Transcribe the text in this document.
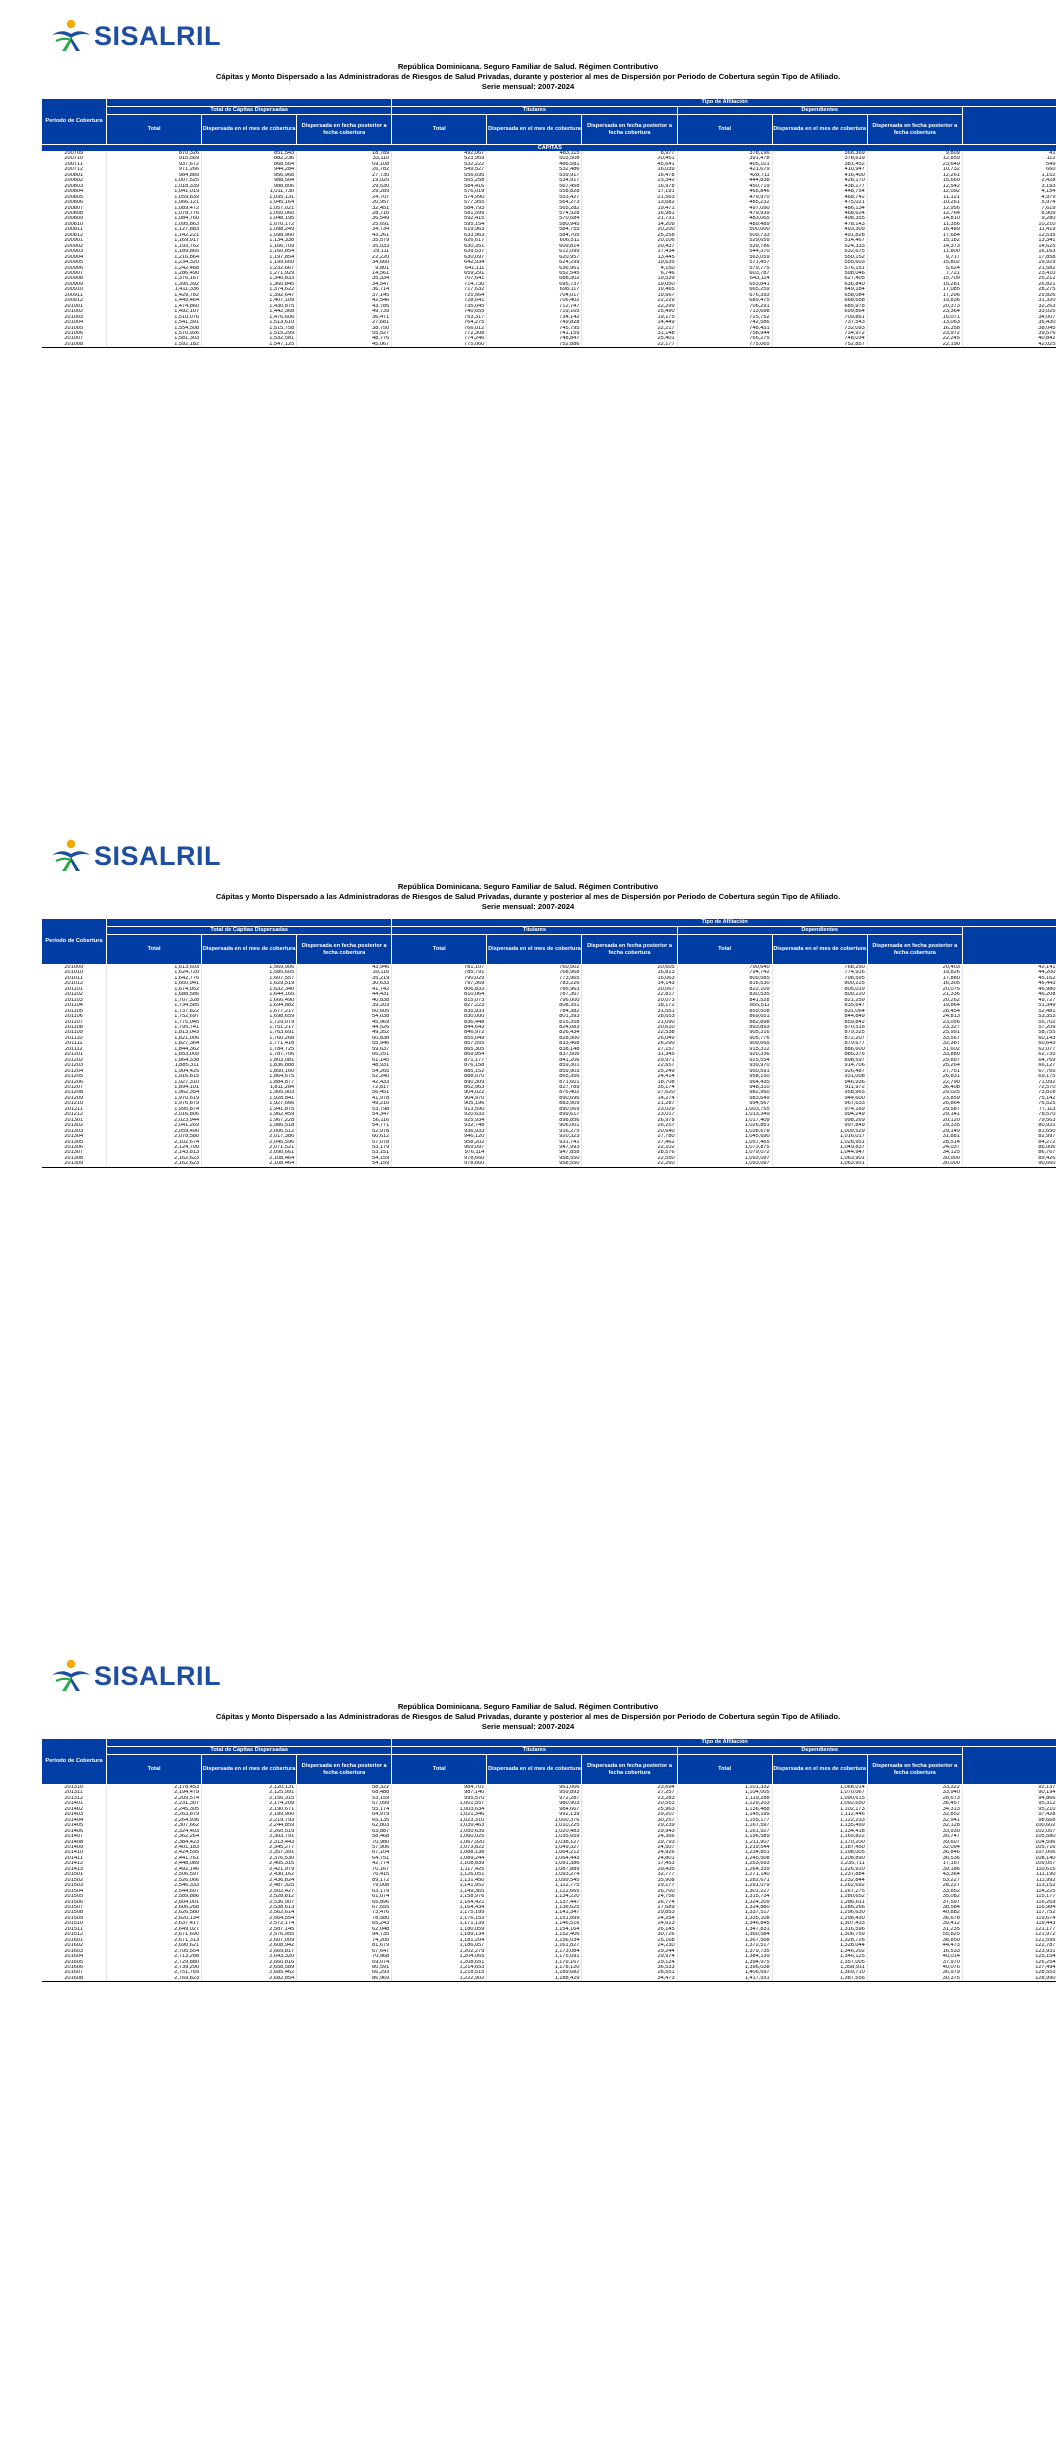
SISALRIL
República Dominicana. Seguro Familiar de Salud. Régimen Contributivo
Cápitas y Monto Dispersado a las Administradoras de Riesgos de Salud Privadas, durante y posterior al mes de Dispersión por Periodo de Cobertura según Tipo de Afiliado.
Serie mensual: 2007-2024
Periodo de Cobertura				Tipo de Afiliación						
	Total de Cápitas Dispersadas			Titulares			Dependientes			
	Total	Dispersada en el mes de cobertura	Dispersada en fecha posterior a fecha cobertura	Total	Dispersada en el mes de cobertura	Dispersada en fecha posterior a fecha cobertura	Total	Dispersada en el mes de cobertura	Dispersada en fecha posterior a fecha cobertura	
CÁPITAS										
200709	870,326	851,543	18,789	492,067	483,115	8,977	378,196	368,369	9,809	41
200710	915,569	882,236	33,110	523,959	503,508	20,451	391,478	378,619	12,859	112
200711	937,672	868,564	69,108	532,222	486,581	45,641	405,101	381,452	23,649	549
200712	971,266	944,284	26,782	549,527	532,486	16,039	421,679	410,947	10,732	660
200801	984,889	956,968	27,730	556,695	539,917	16,478	428,711	416,400	12,261	1,152
200802	1,007,525	988,504	19,020	565,258	534,917	23,342	444,838	428,170	15,669	2,428
200803	1,018,339	988,806	29,530	584,416	567,458	16,978	450,719	438,177	12,542	3,193
200804	1,041,019	1,011,730	29,289	576,019	558,828	17,191	465,846	448,754	12,092	4,154
200805	1,059,839	1,035,131	24,707	574,990	553,427	21,563	479,970	468,742	11,121	4,979
200806	1,066,121	1,045,164	20,957	577,955	564,273	13,682	485,232	475,021	10,261	5,974
200807	1,089,472	1,057,021	32,451	584,793	565,282	19,471	497,090	486,134	12,956	7,619
200808	1,078,776	1,050,060	28,716	581,599	574,928	16,981	479,939	468,624	12,764	8,909
200809	1,084,760	1,048,195	36,549	592,415	570,684	21,731	483,065	498,355	14,810	9,280
200810	1,095,863	1,070,172	25,691	595,154	580,945	14,209	489,489	478,143	11,356	10,210
200811	1,127,883	1,098,249	34,734	619,963	584,755	20,200	500,000	493,309	16,489	11,419
200812	1,142,221	1,098,960	43,261	633,963	584,705	25,258	509,733	491,828	17,684	12,535
200901	1,169,917	1,134,338	35,579	626,617	606,511	20,106	529,659	514,467	15,182	13,341
200902	1,193,762	1,166,709	35,033	630,351	609,814	20,437	539,786	524,333	14,373	14,625
200903	1,189,865	1,160,854	29,111	639,537	612,099	17,434	544,370	532,675	11,800	16,163
200904	1,216,864	1,197,854	22,220	630,097	620,957	13,445	563,059	550,152	9,717	17,858
200905	1,234,320	1,199,660	34,660	642,934	624,299	19,635	571,457	555,603	15,802	19,929
200906	1,242,468	1,232,667	9,801	641,111	636,961	4,150	579,775	576,151	5,624	21,582
200907	1,286,490	1,271,929	14,561	659,291	652,545	6,746	603,787	598,046	7,721	23,410
200908	1,376,167	1,340,833	35,334	707,641	688,302	19,539	643,114	627,405	15,709	25,212
200909	1,395,392	1,360,845	34,547	714,730	695,737	19,050	653,841	636,840	15,281	26,821
200910	1,411,336	1,374,622	36,714	717,632	698,117	19,465	665,259	649,184	17,085	28,275
200911	1,429,782	1,392,647	37,145	725,564	704,017	19,567	676,393	658,084	17,296	29,826
200912	1,449,464	1,407,109	42,546	728,641	706,402	22,229	689,475	668,658	19,836	31,320
201001	1,474,860	1,430,875	43,785	735,045	712,747	22,299	706,291	685,978	20,373	32,263
201002	1,492,107	1,442,368	49,739	740,655	719,165	25,490	713,698	699,864	23,364	33,025
201003	1,510,076	1,476,606	36,471	753,317	734,142	19,175	725,752	709,861	16,071	34,007
201004	1,541,391	1,513,610	27,681	764,275	749,828	14,449	742,586	737,543	13,063	36,430
201005	1,554,508	1,515,758	38,750	766,012	745,795	22,217	748,451	732,093	16,358	38,045
201006	1,570,926	1,515,299	55,527	772,308	741,159	31,148	758,944	734,972	23,972	39,576
201007	1,581,303	1,532,581	48,776	774,246	748,847	25,401	766,275	748,034	22,245	40,842
201008	1,592,182	1,547,125	45,067	775,060	752,886	22,177	775,065	752,857	22,190	42,025
SISALRIL
República Dominicana. Seguro Familiar de Salud. Régimen Contributivo
Cápitas y Monto Dispersado a las Administradoras de Riesgos de Salud Privadas, durante y posterior al mes de Dispersión por Periodo de Cobertura según Tipo de Afiliado.
Serie mensual: 2007-2024
Periodo de Cobertura				Tipo de Afiliación						
	Total de Cápitas Dispersadas			Titulares			Dependientes			
	Total	Dispersada en el mes de cobertura	Dispersada en fecha posterior a fecha cobertura	Total	Dispersada en el mes de cobertura	Dispersada en fecha posterior a fecha cobertura	Total	Dispersada en el mes de cobertura	Dispersada en fecha posterior a fecha cobertura	
201009	1,613,603	1,569,906	43,946	781,107	760,502	20,605	790,640	768,250	20,403	42,141
201010	1,624,720	1,585,605	39,116	785,791	768,968	16,813	794,742	774,916	19,826	44,200
201011	1,642,776	1,607,557	35,219	790,029	773,965	16,063	809,585	798,595	17,880	45,162
201012	1,660,941	1,629,519	30,633	797,369	783,226	14,143	816,530	800,225	16,305	46,443
201101	1,674,052	1,632,340	41,742	806,833	786,963	20,067	822,109	805,019	20,075	46,980
201102	1,688,586	1,644,165	44,431	810,064	787,367	22,817	830,535	809,220	21,336	46,208
201103	1,707,328	1,666,490	40,838	815,073	796,000	20,073	841,528	821,259	20,262	49,727
201104	1,734,585	1,694,882	39,203	827,223	808,351	18,172	855,511	835,647	19,864	51,349
201105	1,737,822	1,677,217	60,605	835,933	784,382	31,551	859,508	831,064	28,454	52,481
201106	1,752,697	1,698,659	54,038	830,000	801,393	28,653	869,651	844,849	24,813	53,353
201107	1,775,045	1,729,079	45,969	836,448	815,358	21,090	882,898	859,842	23,056	55,702
201108	1,795,741	1,751,217	44,526	844,643	824,083	20,610	893,893	870,516	23,327	57,209
201109	1,813,043	1,763,691	49,352	846,972	826,434	22,538	905,316	879,325	25,991	58,755
201110	1,821,006	1,760,268	60,838	855,049	828,900	26,049	905,776	872,207	33,567	60,143
201111	1,827,364	1,771,418	55,946	857,555	833,468	26,290	909,665	879,677	32,387	60,643
201112	1,844,362	1,784,725	59,637	865,305	838,148	27,157	915,312	886,600	31,602	62,077
201201	1,853,009	1,787,706	66,251	869,954	837,606	31,345	920,336	885,376	33,880	62,735
201202	1,864,338	1,803,081	61,145	871,177	841,206	29,971	925,554	898,597	29,897	64,769
201203	1,885,311	1,836,888	48,931	876,158	859,301	22,657	939,970	914,706	25,264	66,127
201204	1,904,425	1,850,160	54,265	885,152	859,903	25,249	950,591	926,487	27,761	67,765
201205	1,916,815	1,864,675	52,240	888,070	865,356	24,414	958,150	931,008	26,831	69,175
201206	1,927,310	1,884,877	42,433	890,309	871,601	18,708	964,435	946,936	22,790	71,092
201207	1,894,101	1,811,284	72,817	862,963	827,789	35,174	948,310	911,972	36,408	72,570
201208	1,962,354	1,905,903	56,451	904,022	876,402	27,620	982,960	958,965	29,025	73,818
201209	1,970,619	1,928,841	41,978	904,970	890,696	14,274	983,649	944,600	23,859	75,142
201210	1,976,879	1,927,666	49,210	905,196	883,909	21,287	994,567	967,633	26,864	76,525
201211	1,995,874	1,941,875	53,798	913,590	890,569	23,029	1,003,755	974,169	29,587	77,113
201212	2,016,806	1,962,459	54,347	920,633	899,617	23,017	1,013,349	994,249	29,141	78,570
201301	2,023,944	1,967,228	56,116	925,934	898,856	26,978	1,017,409	998,269	20,120	79,563
201302	2,041,269	1,986,518	54,771	932,748	906,001	26,257	1,026,851	997,849	29,335	80,931
201303	2,059,490	2,006,512	52,978	936,933	916,275	20,640	1,038,678	1,009,529	29,149	81,650
201304	2,078,580	2,017,386	60,612	946,120	920,323	27,780	1,045,690	1,016,017	31,881	82,997
201305	2,102,674	2,045,596	57,078	958,202	931,741	27,462	1,057,465	1,028,951	28,514	84,272
201306	2,124,700	2,071,521	53,179	969,097	947,993	22,102	1,073,875	1,049,837	24,037	86,006
201307	2,143,813	2,090,661	53,151	976,114	947,858	28,576	1,079,072	1,044,947	34,125	86,767
201308	2,162,623	2,108,464	54,159	978,660	958,550	22,550	1,093,097	1,063,901	30,000	89,426
201309	2,162,623	2,108,464	54,159	978,660	958,550	22,260	1,093,097	1,063,901	30,000	90,660
SISALRIL
República Dominicana. Seguro Familiar de Salud. Régimen Contributivo
Cápitas y Monto Dispersado a las Administradoras de Riesgos de Salud Privadas, durante y posterior al mes de Dispersión por Periodo de Cobertura según Tipo de Afiliado.
Serie mensual: 2007-2024
Periodo de Cobertura				Tipo de Afiliación						
	Total de Cápitas Dispersadas			Titulares			Dependientes			
	Total	Dispersada en el mes de cobertura	Dispersada en fecha posterior a fecha cobertura	Total	Dispersada en el mes de cobertura	Dispersada en fecha posterior a fecha cobertura	Total	Dispersada en el mes de cobertura	Dispersada en fecha posterior a fecha cobertura	
201310	2,178,453	2,120,131	58,322	984,701	961,006	23,694	1,101,332	1,068,014	33,322	92,137
201311	2,194,479	2,125,991	68,488	987,140	959,893	27,257	1,104,005	1,070,067	33,940	90,194
201312	2,209,574	2,156,315	53,159	995,570	972,287	23,283	1,119,288	1,090,615	28,673	94,866
201401	2,231,307	2,174,209	57,099	1,001,557	980,903	20,553	1,129,203	1,092,650	36,457	95,312
201402	2,245,305	2,190,671	55,174	1,003,634	984,667	25,963	1,136,488	1,102,173	34,313	95,210
201403	2,263,879	2,189,900	64,979	1,021,346	992,139	29,207	1,145,199	1,112,446	32,852	97,428
201404	2,264,936	2,219,793	65,135	1,023,310	1,000,376	30,257	1,155,177	1,122,233	32,941	98,668
201405	2,307,662	2,244,859	62,803	1,039,463	1,010,225	29,239	1,167,597	1,135,469	32,128	100,602
201406	2,324,403	2,260,519	63,887	1,050,639	1,020,483	29,943	1,161,927	1,134,418	33,930	102,057
201407	2,362,264	2,303,791	58,468	1,060,025	1,035,659	24,366	1,196,589	1,165,822	30,747	105,580
201408	2,384,423	2,313,443	70,980	1,067,920	1,038,127	29,793	1,211,907	1,170,200	39,607	104,596
201409	2,401,183	2,345,277	57,906	1,073,822	1,049,327	24,507	1,219,544	1,187,450	32,094	105,716
201410	2,424,595	2,357,391	67,104	1,088,138	1,064,212	24,926	1,234,851	1,198,005	36,846	107,006
201411	2,441,761	2,376,530	64,751	1,089,244	1,064,443	24,801	1,245,508	1,208,890	36,536	108,140
201412	2,448,089	2,405,315	42,774	1,108,839	1,091,386	17,453	1,253,693	1,235,711	17,167	109,057
201413	2,492,146	2,421,979	70,167	1,117,425	1,087,889	29,435	1,264,339	1,226,910	39,186	110,615
201501	2,506,597	2,430,162	76,415	1,126,051	1,093,274	32,777	1,271,140	1,237,884	43,364	111,190
201502	2,526,066	2,436,824	89,172	1,131,450	1,099,545	35,908	1,282,671	1,232,844	53,227	111,992
201503	2,546,333	2,487,325	79,008	1,141,952	1,112,775	29,177	1,291,079	1,262,692	28,227	113,152
201504	2,544,607	2,502,427	63,179	1,149,365	1,122,665	26,700	1,301,227	1,267,275	33,852	114,225
201505	2,589,886	2,528,812	61,074	1,158,976	1,134,220	24,756	1,315,734	1,280,652	35,082	115,177
201506	2,604,001	2,536,907	65,896	1,164,421	1,137,447	26,774	1,324,209	1,286,611	37,597	116,269
201507	2,606,268	2,538,613	67,655	1,164,434	1,136,625	27,689	1,324,880	1,286,266	38,584	116,984
201508	2,626,580	2,562,614	73,476	1,175,199	1,141,347	29,853	1,337,517	1,296,630	40,882	117,752
201509	2,620,134	2,564,554	78,580	1,176,153	1,151,899	24,254	1,335,108	1,298,430	36,678	119,674
201510	2,637,417	2,572,174	65,243	1,171,139	1,146,516	24,613	1,346,845	1,307,433	39,412	119,443
201511	2,649,027	2,587,145	62,048	1,180,059	1,154,164	26,145	1,347,831	1,316,596	31,235	121,177
201512	2,671,690	2,576,955	94,735	1,189,134	1,152,406	30,726	1,360,584	1,306,759	55,825	121,972
201601	2,671,313	2,607,009	74,205	1,181,204	1,156,034	25,168	1,367,568	1,328,726	38,850	122,595
201602	2,690,621	2,608,942	81,679	1,186,057	1,161,827	24,230	1,372,517	1,328,044	44,473	122,787
201603	2,705,554	2,669,817	67,647	1,202,279	1,173,084	29,244	1,379,735	1,346,202	16,533	123,931
201604	2,713,288	2,643,320	70,968	1,204,065	1,175,091	29,974	1,384,139	1,346,125	40,014	125,154
201605	2,729,880	2,660,816	69,074	1,208,651	1,179,167	29,124	1,394,975	1,357,005	37,970	126,254
201606	2,739,290	2,658,589	80,591	1,214,653	1,178,120	36,533	1,396,038	1,358,911	40,076	127,494
201607	2,751,765	2,685,462	66,293	1,218,515	1,189,682	28,551	1,406,697	1,369,710	36,979	128,553
201608	2,769,823	2,682,854	86,969	1,222,902	1,188,429	34,473	1,417,931	1,387,556	30,375	128,990
